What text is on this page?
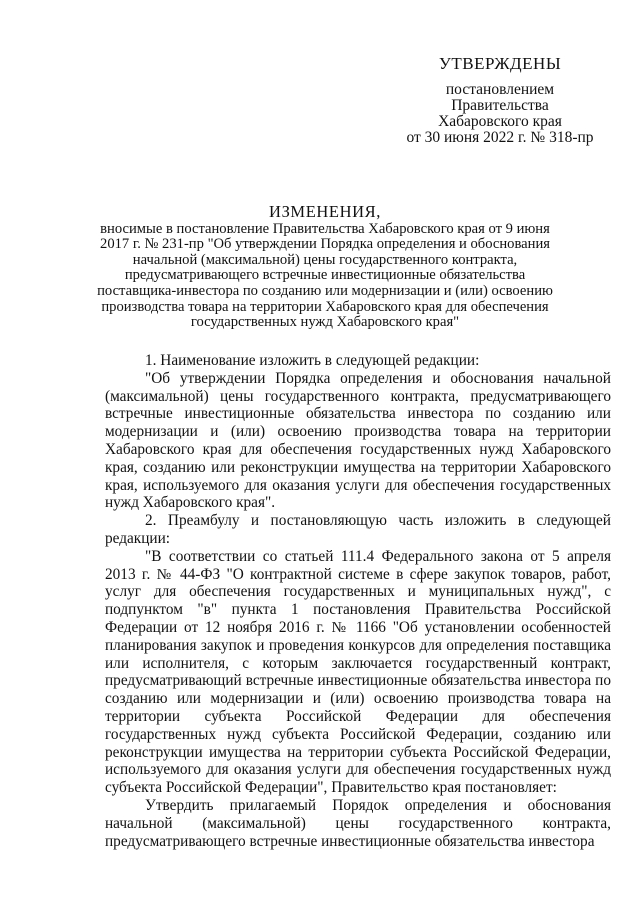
УТВЕРЖДЕНЫ
постановлением
Правительства
Хабаровского края
от 30 июня 2022 г. № 318-пр
ИЗМЕНЕНИЯ,
вносимые в постановление Правительства Хабаровского края от 9 июня 2017 г. № 231-пр "Об утверждении Порядка определения и обоснования начальной (максимальной) цены государственного контракта, предусматривающего встречные инвестиционные обязательства поставщика-инвестора по созданию или модернизации и (или) освоению производства товара на территории Хабаровского края для обеспечения государственных нужд Хабаровского края"

1. Наименование изложить в следующей редакции:

"Об утверждении Порядка определения и обоснования начальной (максимальной) цены государственного контракта, предусматривающего встречные инвестиционные обязательства инвестора по созданию или модернизации и (или) освоению производства товара на территории Хабаровского края для обеспечения государственных нужд Хабаровского края, созданию или реконструкции имущества на территории Хабаровского края, используемого для оказания услуги для обеспечения государственных нужд Хабаровского края".

2. Преамбулу и постановляющую часть изложить в следующей редакции:

"В соответствии со статьей 111.4 Федерального закона от 5 апреля 2013 г. № 44-ФЗ "О контрактной системе в сфере закупок товаров, работ, услуг для обеспечения государственных и муниципальных нужд", с подпунктом "в" пункта 1 постановления Правительства Российской Федерации от 12 ноября 2016 г. № 1166 "Об установлении особенностей планирования закупок и проведения конкурсов для определения поставщика или исполнителя, с которым заключается государственный контракт, предусматривающий встречные инвестиционные обязательства инвестора по созданию или модернизации и (или) освоению производства товара на территории субъекта Российской Федерации для обеспечения государственных нужд субъекта Российской Федерации, созданию или реконструкции имущества на территории субъекта Российской Федерации, используемого для оказания услуги для обеспечения государственных нужд субъекта Российской Федерации", Правительство края постановляет:

Утвердить прилагаемый Порядок определения и обоснования начальной (максимальной) цены государственного контракта, предусматривающего встречные инвестиционные обязательства инвестора
